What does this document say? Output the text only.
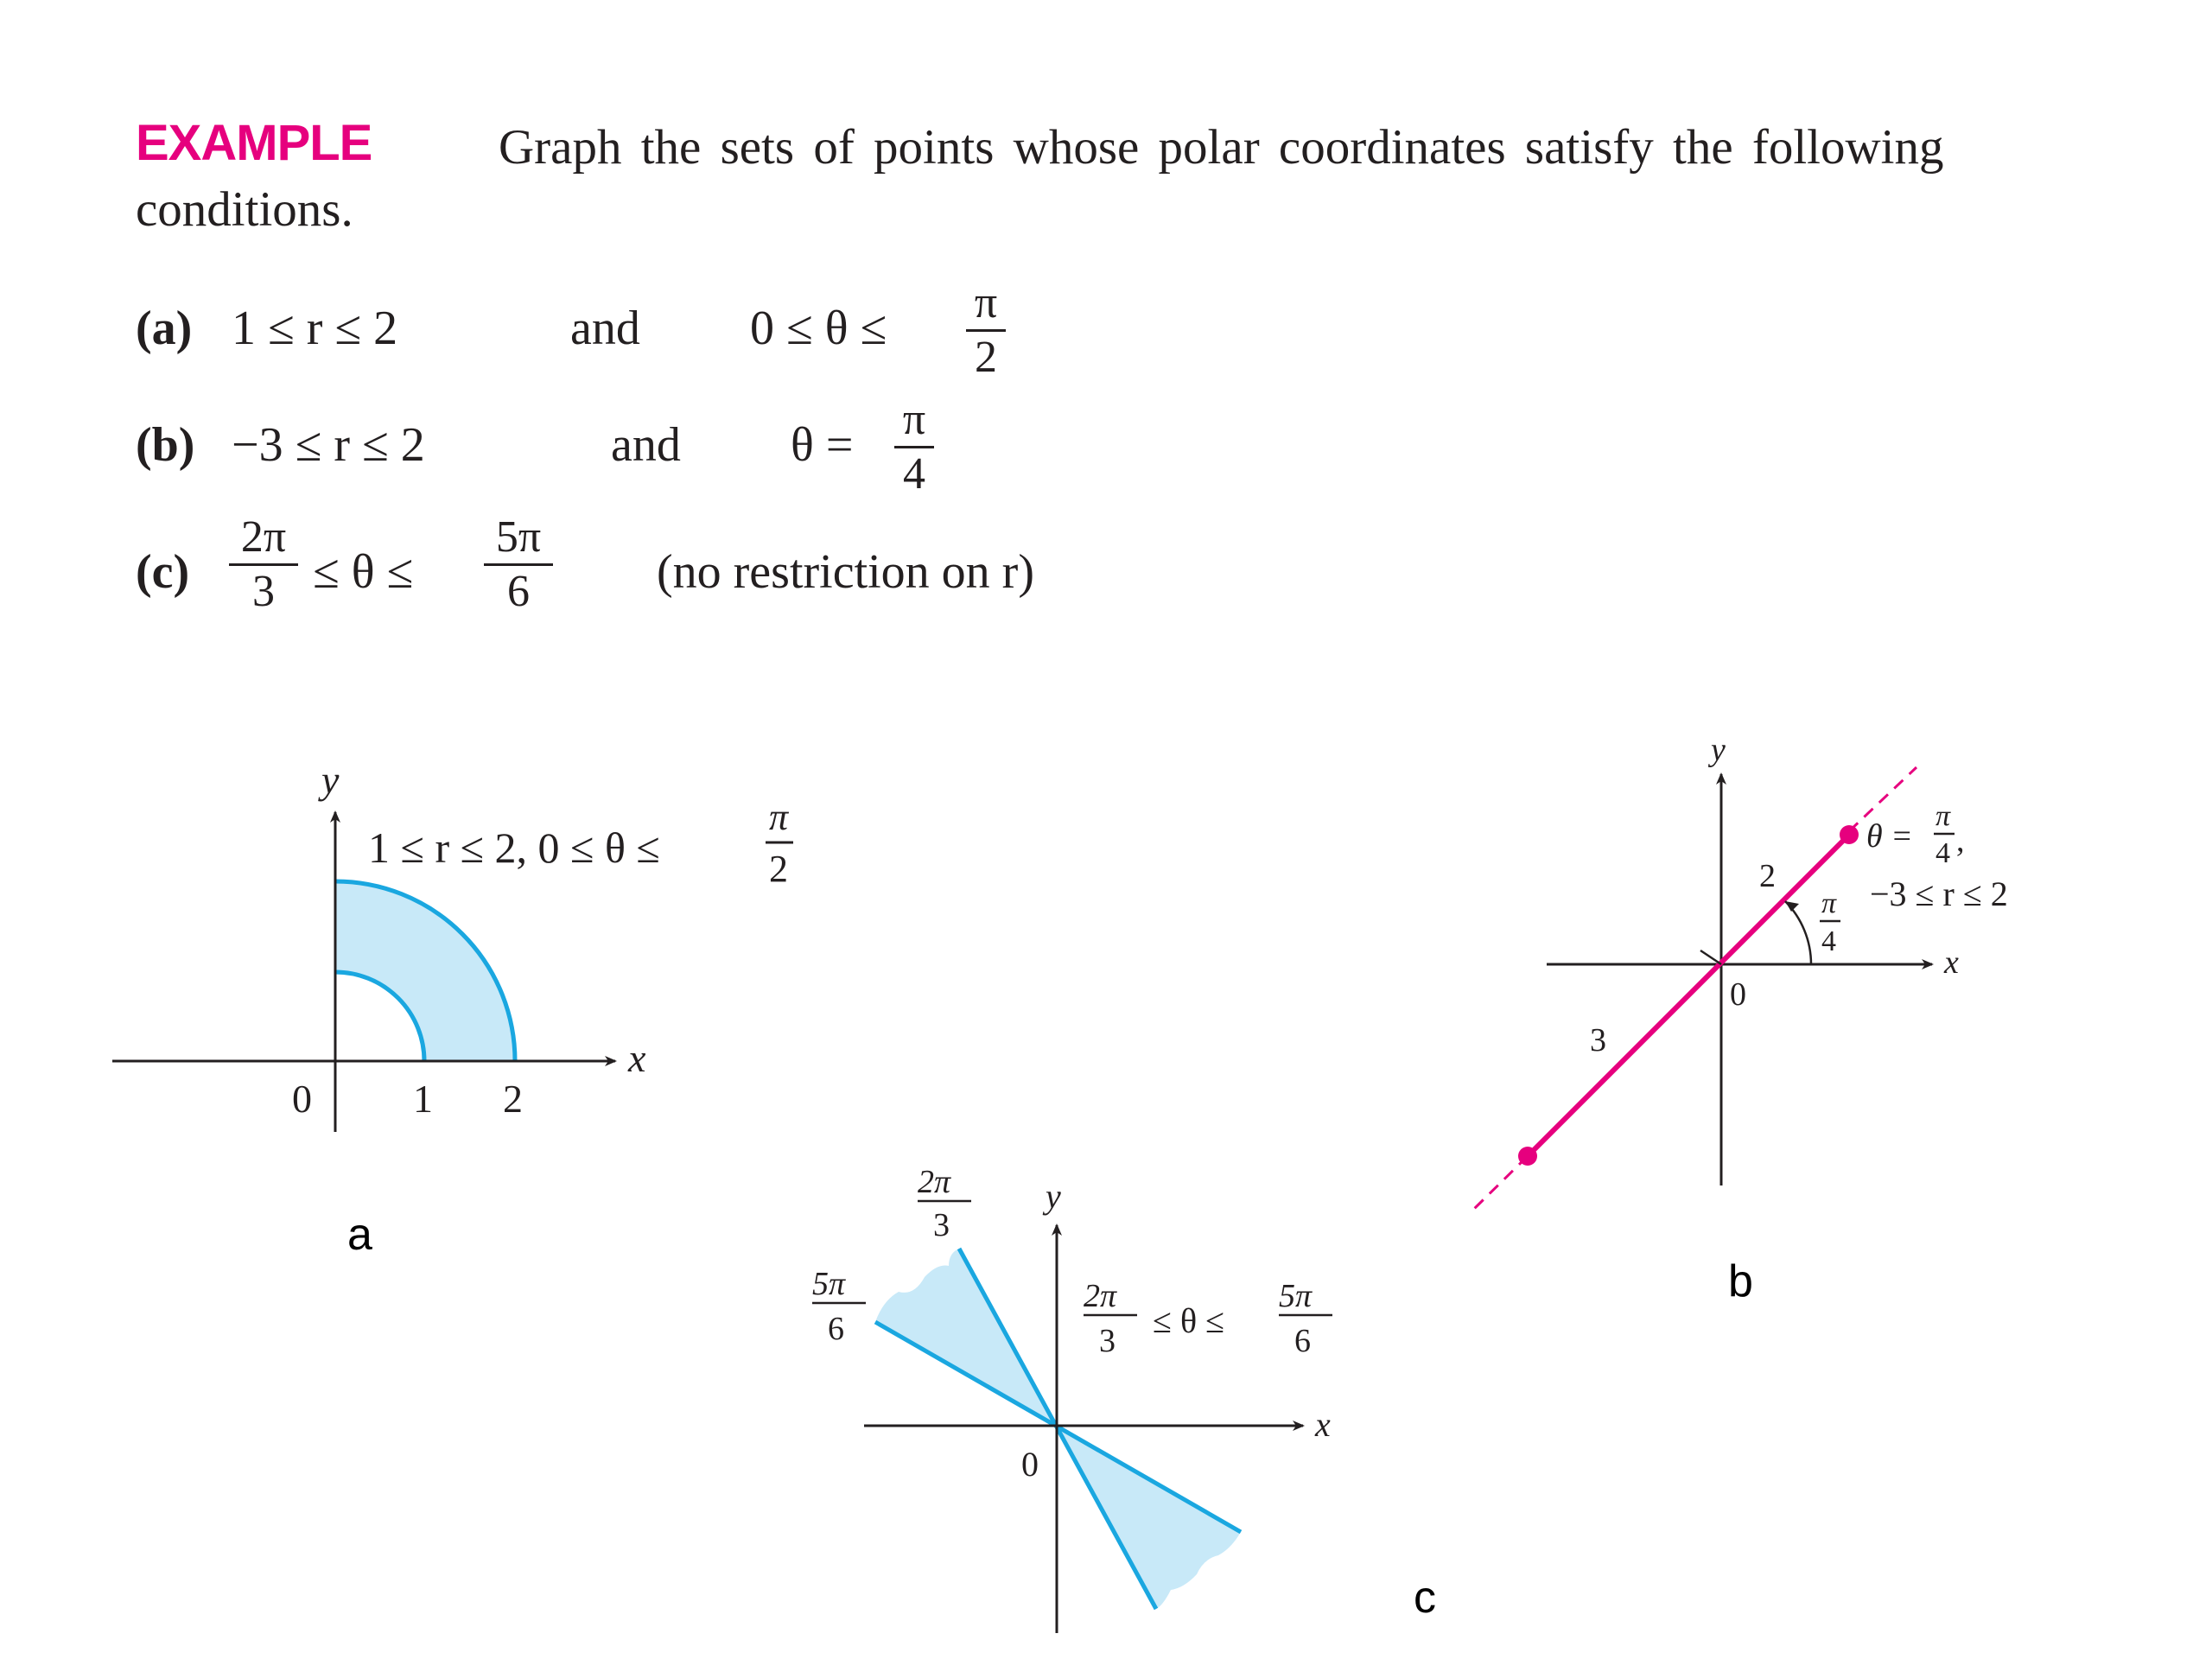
EXAMPLE	Graph the sets of points whose polar coordinates satisfy the following
conditions.
(a) 1 ≤ r ≤ 2	and 0 ≤ θ ≤ π
2
(b) −3 ≤ r ≤ 2	and θ = π
4
(c)
2π
3 ≤ θ ≤
5π
6	(no restriction on r)
y
x
0	1 2
1 ≤ r ≤ 2, 0 ≤ θ ≤
π
2
a
y
x
0
2
3
π
4
θ =
π
4 ,
−3 ≤ r ≤ 2
b
y
x
0
2π
3
5π
6
2π
3
≤ θ ≤
5π
6
c
